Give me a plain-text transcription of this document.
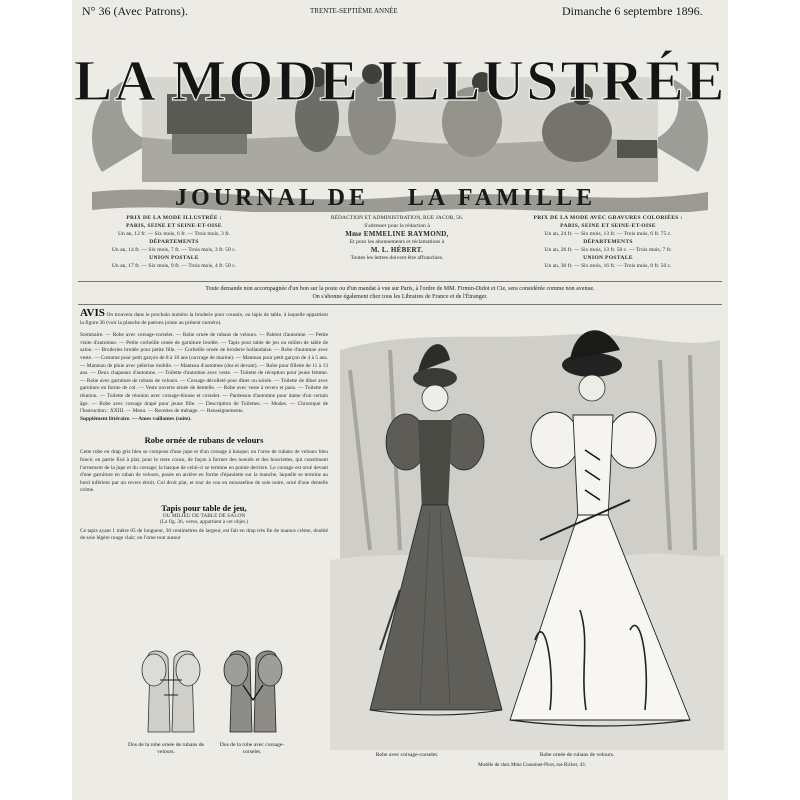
N° 36 (Avec Patrons).	TRENTE-SEPTIÈME ANNÉE	Dimanche 6 septembre 1896.
LA MODE ILLUSTRÉE
JOURNAL DE LA FAMILLE
PRIX DE LA MODE ILLUSTRÉE :
PARIS, SEINE ET SEINE-ET-OISE
Un an, 12 fr. — Six mois, 6 fr. — Trois mois, 3 fr.
DÉPARTEMENTS
Un an, 14 fr. — Six mois, 7 fr. — Trois mois, 3 fr. 50 c.
UNION POSTALE
Un an, 17 fr. — Six mois, 9 fr. — Trois mois, 4 fr. 50 c.
RÉDACTION ET ADMINISTRATION, RUE JACOB, 56.
S'adresser pour la rédaction à
Mme EMMELINE RAYMOND,
Et pour les abonnements et réclamations à
M. L. HÉBERT.
Toutes les lettres doivent être affranchies.
PRIX DE LA MODE AVEC GRAVURES COLORIÉES :
PARIS, SEINE ET SEINE-ET-OISE
Un an, 24 fr. — Six mois, 13 fr. — Trois mois, 6 fr. 75 c.
DÉPARTEMENTS
Un an, 26 fr. — Six mois, 13 fr. 50 c. — Trois mois, 7 fr.
UNION POSTALE
Un an, 30 fr. — Six mois, 16 fr. — Trois mois, 8 fr. 50 c.
Toute demande non accompagnée d'un bon sur la poste ou d'un mandat à vue sur Paris, à l'ordre de MM. Firmin-Didot et Cie, sera considérée comme non avenue.
On s'abonne également chez tous les Libraires de France et de l'Étranger.
AVIS On trouvera dans le prochain numéro la broderie pour coussin, ou tapis de table, à laquelle appartient la figure 36 (voir la planche de patrons jointe au présent numéro).
Sommaire. — Robe avec corsage-corselet. — Robe ornée de rubans de velours. — Paletot d'automne. — Petite visite d'automne. — Petite corbeille ornée de garniture brodée. — Tapis pour table de jeu ou milieu de table de salon. — Broderies brodée pour petite fille. — Corbeille ornée de broderie hollandaise. — Robe d'automne avec veste. — Costume pour petit garçon de 8 à 10 ans (ouvrage de marine). — Manteau pour petit garçon de 4 à 5 ans. — Manteau de pluie avec pèlerine mobile. — Manteau d'automne (dos et devant). — Robe pour fillette de 11 à 13 ans. — Deux chapeaux d'automne. — Toilette d'automne avec veste. — Toilette de réception pour jeune femme. — Robe avec garniture de rubans de velours. — Corsage décolleté pour dîner ou soirée. — Toilette de dîner avec garniture en forme de col. — Veste ouverte ornée de dentelle. — Robe avec veste à revers et pans. — Toilette de réunion. — Toilette de réunion avec corsage-blouse et corselet. — Pardessus d'automne pour dame d'un certain âge. — Robe avec corsage drapé pour jeune fille. — Description de Toilettes. — Modes. — Chronique de l'Instruction : XXIII. — Menu. — Recettes de ménage. — Renseignements.
Supplément littéraire. — Ames vaillantes (suite).
Robe ornée de rubans de velours
Cette robe en drap gris bleu se compose d'une jupe et d'un corsage à basque; on l'orne de rubans de velours bleu foncé, en partie fixé à plat, pour le reste cousu, de façon à former des noeuds et des bouclettes, qui constituent l'ornement de la jupe et du corsage; la basque de celui-ci se termine en pointe derrière. Le corsage est orné devant d'une garniture en ruban de velours, posée en arrière en forme d'épaulette sur la manche, laquelle se termine au bord inférieur par un revers étroit. Col droit plat, et tour de cou en mousseline de soie noire, orné d'une dentelle crème.
Tapis pour table de jeu,
OU MILIEU DE TABLE DE SALON
(La fig. 36, verso, appartient à cet objet.)
Ce tapis ayant 1 mètre 05 de longueur, 30 centimètres de largeur, est fait en drap très fin de nuance crème, doublé de soie légère rouge clair; on l'orne tout autour
Dos de la robe ornée de rubans de velours.
Dos de la robe avec corsage-corselet.	Robe avec corsage-corselet.	Robe ornée de rubans de velours.
Modèle de chez Mme Coussinet-Pirot, rue Richer, 43.
